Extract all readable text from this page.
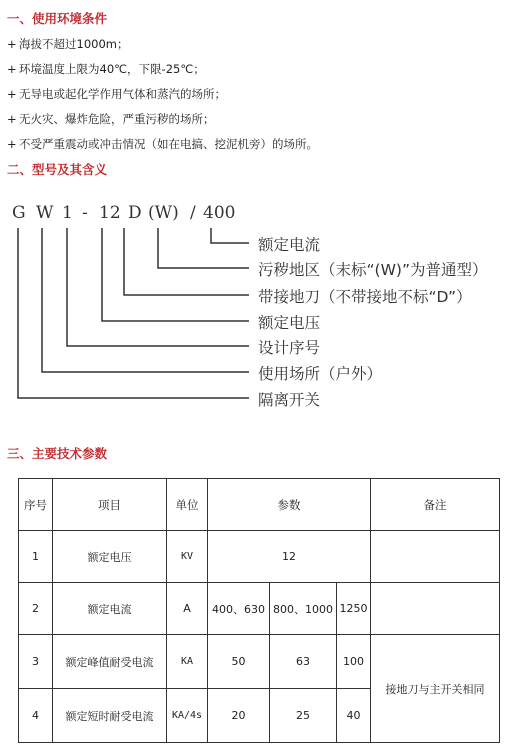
一、使用环境条件
+ 海拔不超过1000m；
+ 环境温度上限为40℃，下限-25℃；
+ 无导电或起化学作用气体和蒸汽的场所；
+ 无火灾、爆炸危险，严重污秽的场所；
+ 不受严重震动或冲击情况（如在电搞、挖泥机旁）的场所。
二、型号及其含义
G W 1 - 12 D (W) / 400
额定电流
污秽地区（末标“(W)”为普通型）
带接地刀（不带接地不标“D”）
额定电压
设计序号
使用场所（户外）
隔离开关
三、主要技术参数
序号	项目	单位	参数			备注
1	额定电压	KV	12			
2	额定电流	A	400、630	800、1000	1250	
3	额定峰值耐受电流	KA	50	63	100	接地刀与主开关相同
4	额定短时耐受电流	KA/4s	20	25	40	
